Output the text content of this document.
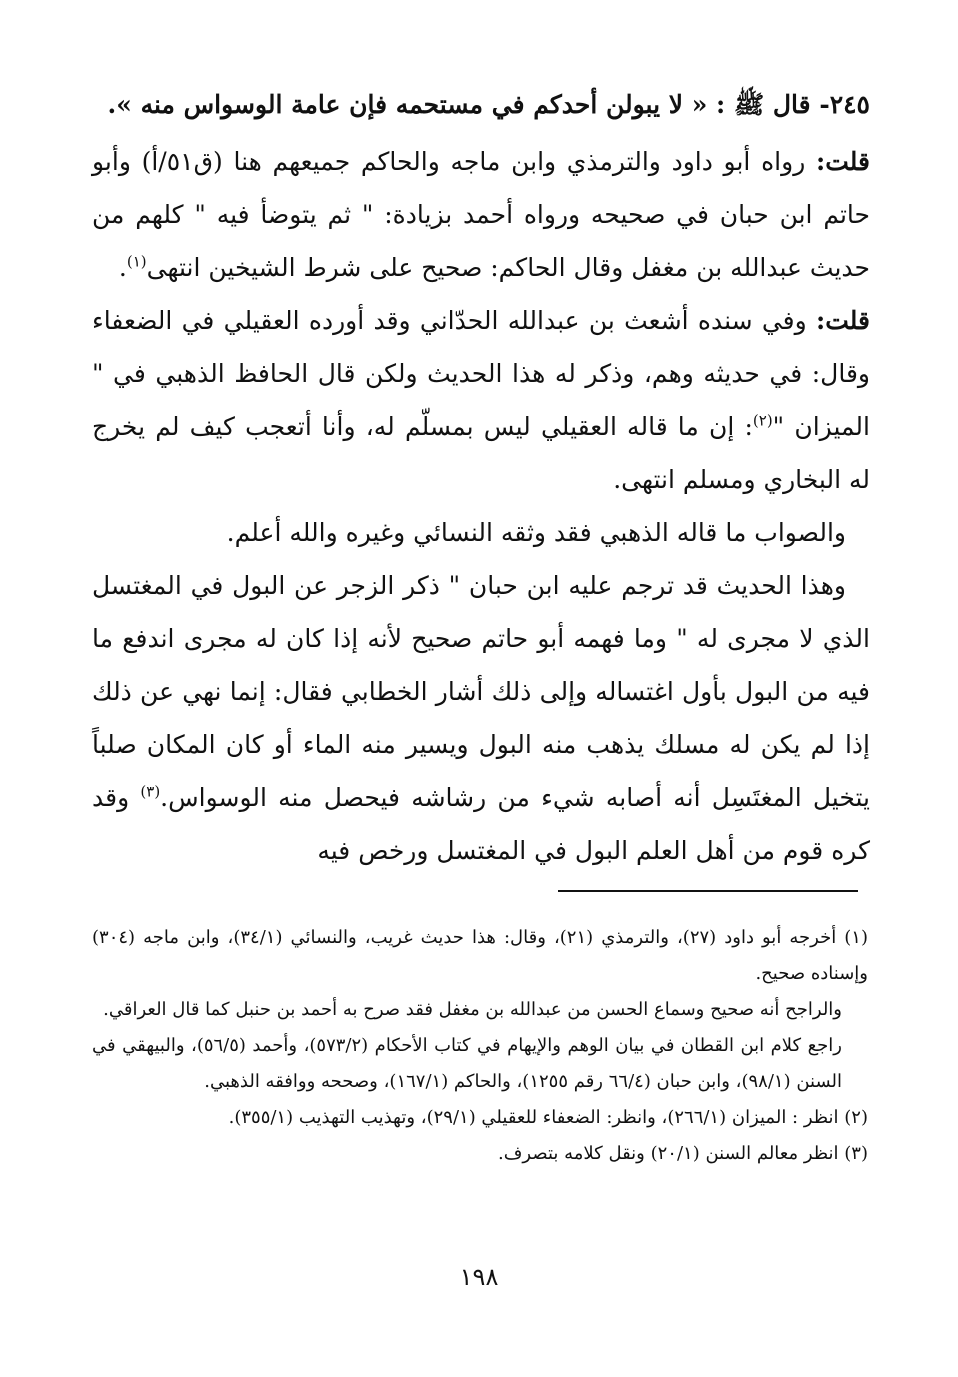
٢٤٥- قال ﷺ : « لا يبولن أحدكم في مستحمه فإن عامة الوسواس منه ».

قلت: رواه أبو داود والترمذي وابن ماجه والحاكم جميعهم هنا (ق٥١/أ) وأبو حاتم ابن حبان في صحيحه ورواه أحمد بزيادة: " ثم يتوضأ فيه " كلهم من حديث عبدالله بن مغفل وقال الحاكم: صحيح على شرط الشيخين انتهى$^{(١)}$.

قلت: وفي سنده أشعث بن عبدالله الحدّاني وقد أورده العقيلي في الضعفاء وقال: في حديثه وهم، وذكر له هذا الحديث ولكن قال الحافظ الذهبي في " الميزان "$^{(٢)}$: إن ما قاله العقيلي ليس بمسلّم له، وأنا أتعجب كيف لم يخرج له البخاري ومسلم انتهى.

والصواب ما قاله الذهبي فقد وثقه النسائي وغيره والله أعلم.

وهذا الحديث قد ترجم عليه ابن حبان " ذكر الزجر عن البول في المغتسل الذي لا مجرى له " وما فهمه أبو حاتم صحيح لأنه إذا كان له مجرى اندفع ما فيه من البول بأول اغتساله وإلى ذلك أشار الخطابي فقال: إنما نهي عن ذلك إذا لم يكن له مسلك يذهب منه البول ويسير منه الماء أو كان المكان صلباً يتخيل المغتَسِل أنه أصابه شيء من رشاشه فيحصل منه الوسواس.$^{(٣)}$ وقد كره قوم من أهل العلم البول في المغتسل ورخص فيه

(١) أخرجه أبو داود (٢٧)، والترمذي (٢١)، وقال: هذا حديث غريب، والنسائي (٣٤/١)، وابن ماجه (٣٠٤) وإسناده صحيح.

والراجح أنه صحيح وسماع الحسن من عبدالله بن مغفل فقد صرح به أحمد بن حنبل كما قال العراقي.

راجع كلام ابن القطان في بيان الوهم والإيهام في كتاب الأحكام (٥٧٣/٢)، وأحمد (٥٦/٥)، والبيهقي في السنن (٩٨/١)، وابن حبان (٦٦/٤ رقم ١٢٥٥)، والحاكم (١٦٧/١)، وصححه ووافقه الذهبي.

(٢) انظر : الميزان (٢٦٦/١)، وانظر: الضعفاء للعقيلي (٢٩/١)، وتهذيب التهذيب (٣٥٥/١).

(٣) انظر معالم السنن (٢٠/١) ونقل كلامه بتصرف.

١٩٨
